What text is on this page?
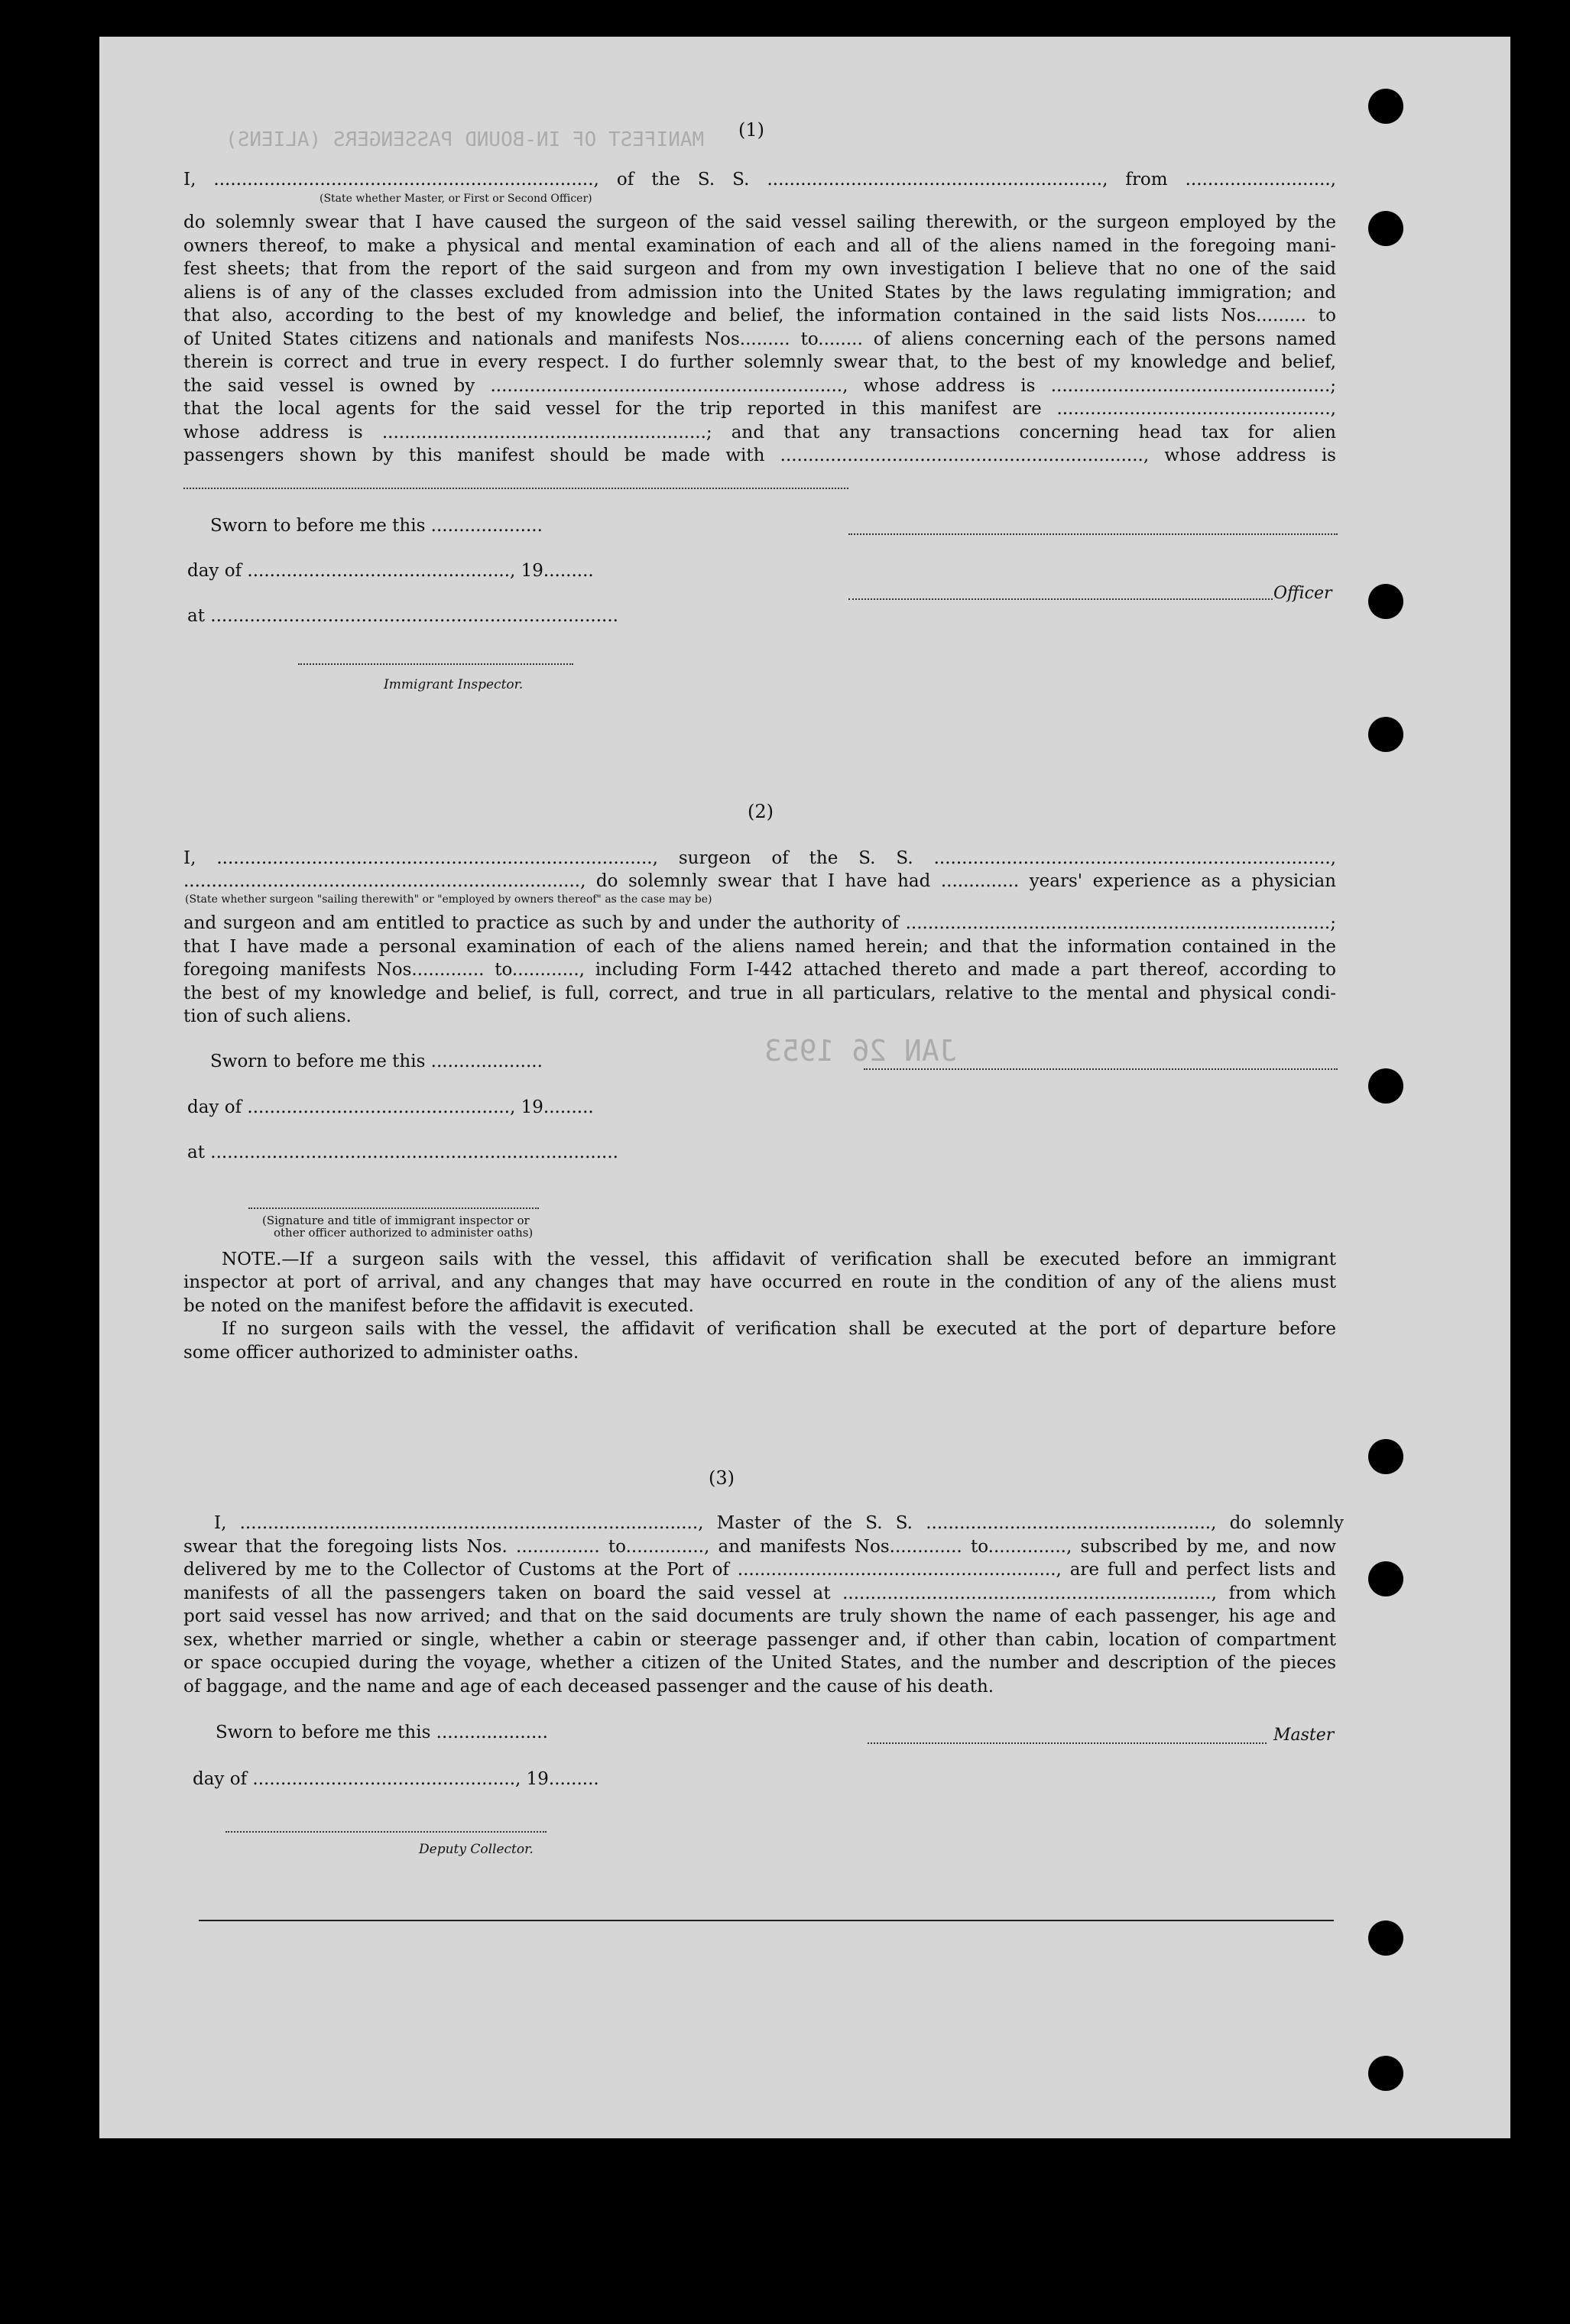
MANIFEST OF IN-BOUND PASSENGERS (ALIENS)
JAN 26 1953
(1)

I, ...................................................................., of the S. S. ............................................................, from ..........................,

(State whether Master, or First or Second Officer)

do solemnly swear that I have caused the surgeon of the said vessel sailing therewith, or the surgeon employed by the

owners thereof, to make a physical and mental examination of each and all of the aliens named in the foregoing mani-

fest sheets; that from the report of the said surgeon and from my own investigation I believe that no one of the said

aliens is of any of the classes excluded from admission into the United States by the laws regulating immigration; and

that also, according to the best of my knowledge and belief, the information contained in the said lists Nos......... to

of United States citizens and nationals and manifests Nos......... to........ of aliens concerning each of the persons named

therein is correct and true in every respect. I do further solemnly swear that, to the best of my knowledge and belief,

the said vessel is owned by ..............................................................., whose address is ..................................................;

that the local agents for the said vessel for the trip reported in this manifest are .................................................,

whose address is ..........................................................; and that any transactions concerning head tax for alien

passengers shown by this manifest should be made with ................................................................., whose address is

Sworn to before me this ....................
day of ..............................................., 19.........
at .........................................................................
Officer
Immigrant Inspector.
(2)

I, .............................................................................., surgeon of the S. S. .......................................................................,

......................................................................., do solemnly swear that I have had .............. years' experience as a physician

(State whether surgeon "sailing therewith" or "employed by owners thereof" as the case may be)

and surgeon and am entitled to practice as such by and under the authority of ............................................................................;

that I have made a personal examination of each of the aliens named herein; and that the information contained in the

foregoing manifests Nos............. to............, including Form I-442 attached thereto and made a part thereof, according to

the best of my knowledge and belief, is full, correct, and true in all particulars, relative to the mental and physical condi-

tion of such aliens.

Sworn to before me this ....................
day of ..............................................., 19.........
at .........................................................................
(Signature and title of immigrant inspector or
other officer authorized to administer oaths)

NOTE.—If a surgeon sails with the vessel, this affidavit of verification shall be executed before an immigrant

inspector at port of arrival, and any changes that may have occurred en route in the condition of any of the aliens must

be noted on the manifest before the affidavit is executed.

If no surgeon sails with the vessel, the affidavit of verification shall be executed at the port of departure before

some officer authorized to administer oaths.

(3)

I, .................................................................................., Master of the S. S. ..................................................., do solemnly

swear that the foregoing lists Nos. ............... to.............., and manifests Nos............. to.............., subscribed by me, and now

delivered by me to the Collector of Customs at the Port of ........................................................., are full and perfect lists and

manifests of all the passengers taken on board the said vessel at .................................................................., from which

port said vessel has now arrived; and that on the said documents are truly shown the name of each passenger, his age and

sex, whether married or single, whether a cabin or steerage passenger and, if other than cabin, location of compartment

or space occupied during the voyage, whether a citizen of the United States, and the number and description of the pieces

of baggage, and the name and age of each deceased passenger and the cause of his death.

Sworn to before me this ....................	Master
day of ..............................................., 19.........
Deputy Collector.
